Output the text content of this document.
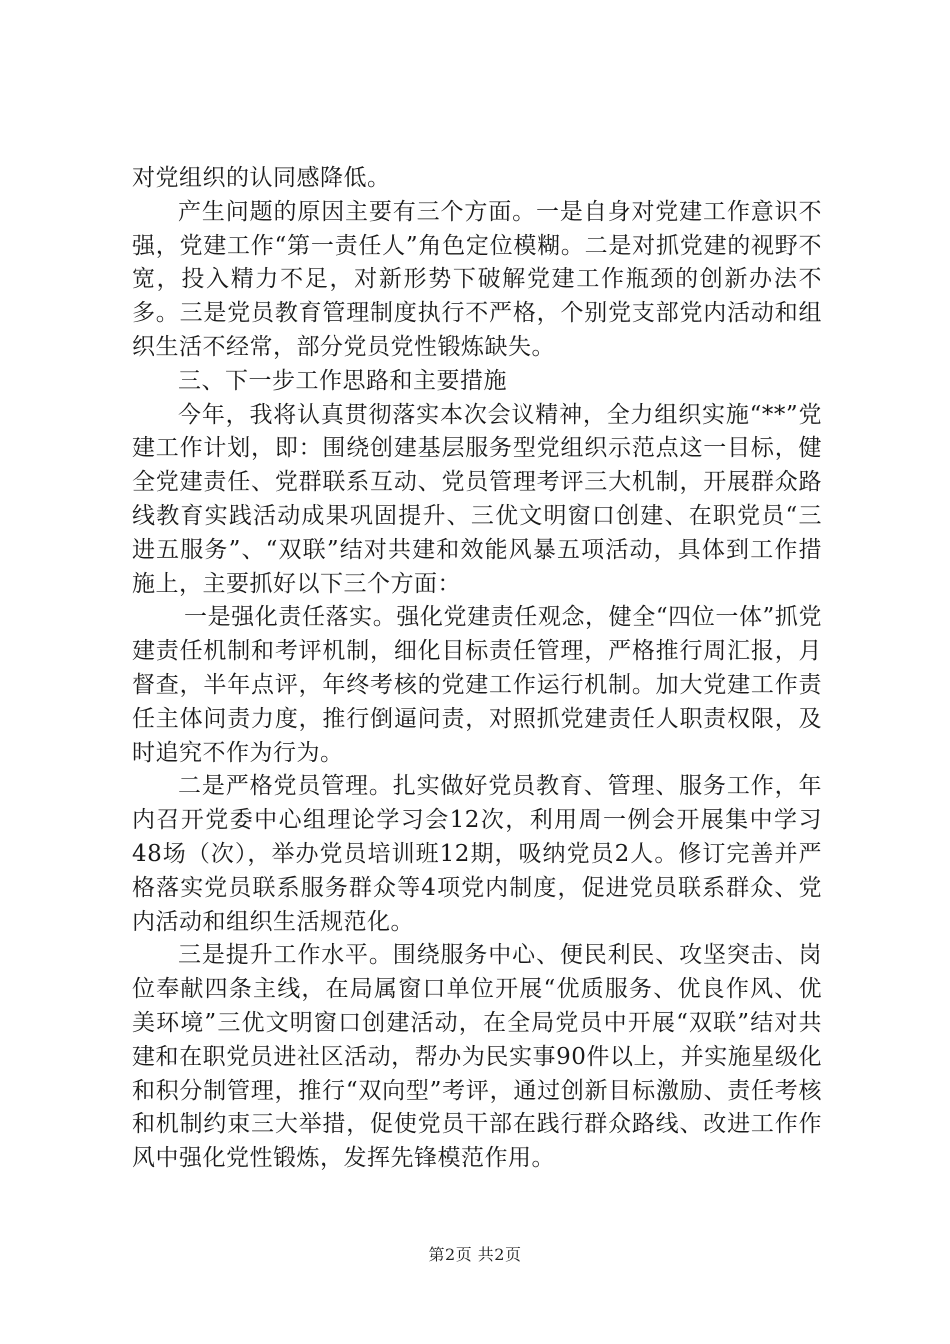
对党组织的认同感降低。

产生问题的原因主要有三个方面。一是自身对党建工作意识不强，党建工作“第一责任人”角色定位模糊。二是对抓党建的视野不宽，投入精力不足，对新形势下破解党建工作瓶颈的创新办法不多。三是党员教育管理制度执行不严格，个别党支部党内活动和组织生活不经常，部分党员党性锻炼缺失。

三、下一步工作思路和主要措施

今年，我将认真贯彻落实本次会议精神，全力组织实施“**”党建工作计划，即：围绕创建基层服务型党组织示范点这一目标，健全党建责任、党群联系互动、党员管理考评三大机制，开展群众路线教育实践活动成果巩固提升、三优文明窗口创建、在职党员“三进五服务”、“双联”结对共建和效能风暴五项活动，具体到工作措施上，主要抓好以下三个方面：

一是强化责任落实。强化党建责任观念，健全“四位一体”抓党建责任机制和考评机制，细化目标责任管理，严格推行周汇报，月督查，半年点评，年终考核的党建工作运行机制。加大党建工作责任主体问责力度，推行倒逼问责，对照抓党建责任人职责权限，及时追究不作为行为。

二是严格党员管理。扎实做好党员教育、管理、服务工作，年内召开党委中心组理论学习会12次，利用周一例会开展集中学习48场（次），举办党员培训班12期，吸纳党员2人。修订完善并严格落实党员联系服务群众等4项党内制度，促进党员联系群众、党内活动和组织生活规范化。

三是提升工作水平。围绕服务中心、便民利民、攻坚突击、岗位奉献四条主线，在局属窗口单位开展“优质服务、优良作风、优美环境”三优文明窗口创建活动，在全局党员中开展“双联”结对共建和在职党员进社区活动，帮办为民实事90件以上，并实施星级化和积分制管理，推行“双向型”考评，通过创新目标激励、责任考核和机制约束三大举措，促使党员干部在践行群众路线、改进工作作风中强化党性锻炼，发挥先锋模范作用。

第2页 共2页
